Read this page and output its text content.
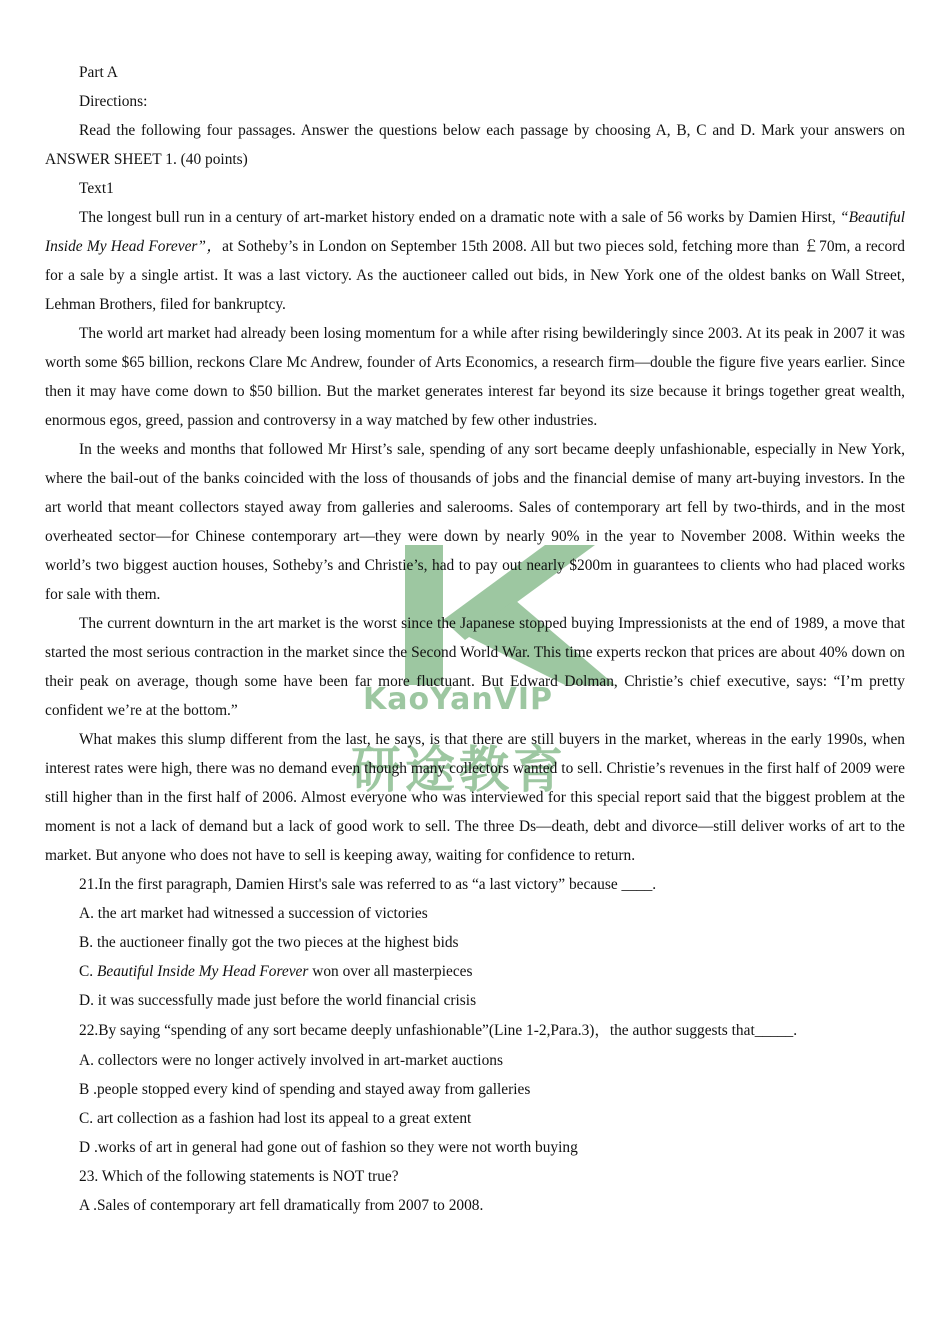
KaoYanVIP
研途教育

Part A

Directions:

Read the following four passages. Answer the questions below each passage by choosing A, B, C and D. Mark your answers on ANSWER SHEET 1. (40 points)

Text1

The longest bull run in a century of art-market history ended on a dramatic note with a sale of 56 works by Damien Hirst, “Beautiful Inside My Head Forever”，at Sotheby’s in London on September 15th 2008. All but two pieces sold, fetching more than ￡70m, a record for a sale by a single artist. It was a last victory. As the auctioneer called out bids, in New York one of the oldest banks on Wall Street, Lehman Brothers, filed for bankruptcy.

The world art market had already been losing momentum for a while after rising bewilderingly since 2003. At its peak in 2007 it was worth some $65 billion, reckons Clare Mc Andrew, founder of Arts Economics, a research firm—double the figure five years earlier. Since then it may have come down to $50 billion. But the market generates interest far beyond its size because it brings together great wealth, enormous egos, greed, passion and controversy in a way matched by few other industries.

In the weeks and months that followed Mr Hirst’s sale, spending of any sort became deeply unfashionable, especially in New York, where the bail-out of the banks coincided with the loss of thousands of jobs and the financial demise of many art-buying investors. In the art world that meant collectors stayed away from galleries and salerooms. Sales of contemporary art fell by two-thirds, and in the most overheated sector—for Chinese contemporary art—they were down by nearly 90% in the year to November 2008. Within weeks the world’s two biggest auction houses, Sotheby’s and Christie’s, had to pay out nearly $200m in guarantees to clients who had placed works for sale with them.

The current downturn in the art market is the worst since the Japanese stopped buying Impressionists at the end of 1989, a move that started the most serious contraction in the market since the Second World War. This time experts reckon that prices are about 40% down on their peak on average, though some have been far more fluctuant. But Edward Dolman, Christie’s chief executive, says: “I’m pretty confident we’re at the bottom.”

What makes this slump different from the last, he says, is that there are still buyers in the market, whereas in the early 1990s, when interest rates were high, there was no demand even though many collectors wanted to sell. Christie’s revenues in the first half of 2009 were still higher than in the first half of 2006. Almost everyone who was interviewed for this special report said that the biggest problem at the moment is not a lack of demand but a lack of good work to sell. The three Ds—death, debt and divorce—still deliver works of art to the market. But anyone who does not have to sell is keeping away, waiting for confidence to return.

21.In the first paragraph, Damien Hirst's sale was referred to as “a last victory” because ____.

A. the art market had witnessed a succession of victories

B. the auctioneer finally got the two pieces at the highest bids

C. Beautiful Inside My Head Forever won over all masterpieces

D. it was successfully made just before the world financial crisis

22.By saying “spending of any sort became deeply unfashionable”(Line 1-2,Para.3)，the author suggests that_____.

A. collectors were no longer actively involved in art-market auctions

B .people stopped every kind of spending and stayed away from galleries

C. art collection as a fashion had lost its appeal to a great extent

D .works of art in general had gone out of fashion so they were not worth buying

23. Which of the following statements is NOT true?

A .Sales of contemporary art fell dramatically from 2007 to 2008.
